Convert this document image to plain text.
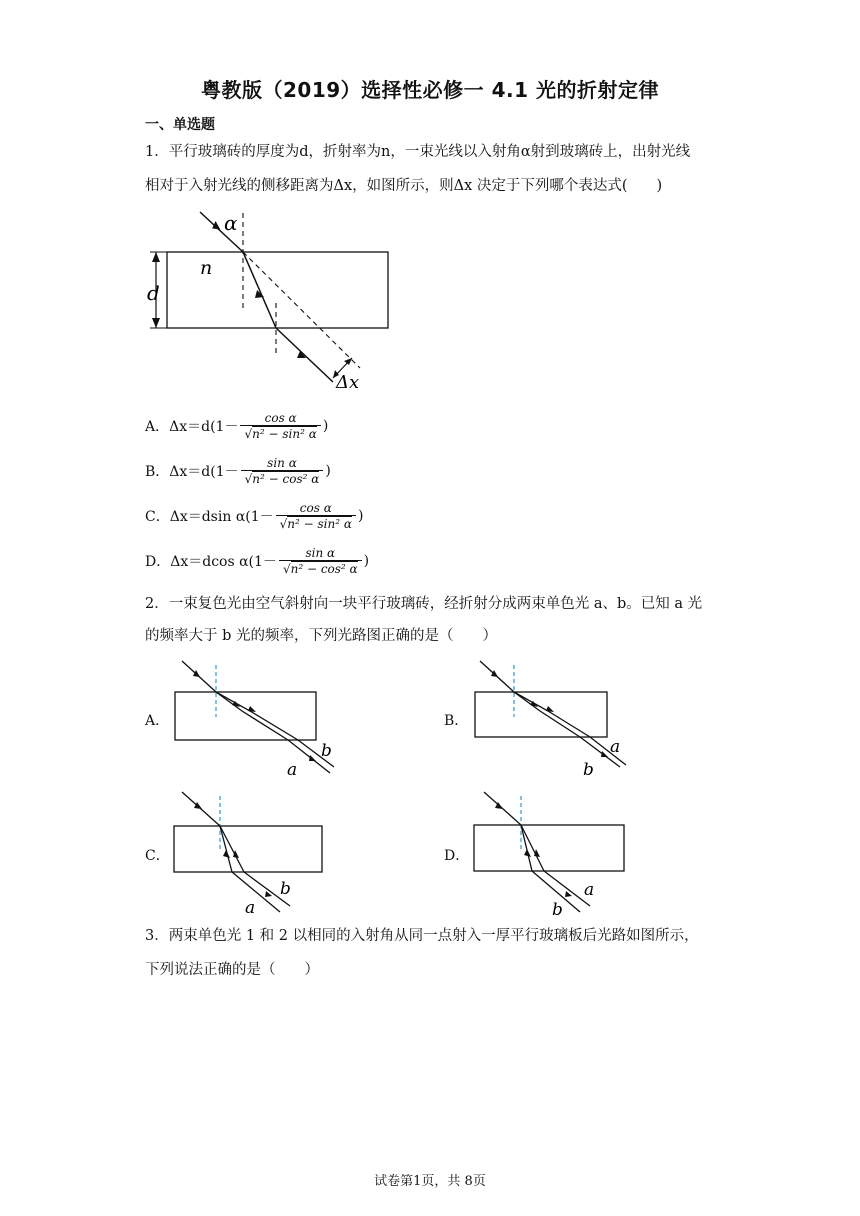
粤教版（2019）选择性必修一 4.1 光的折射定律
一、单选题
1．平行玻璃砖的厚度为d，折射率为n，一束光线以入射角α射到玻璃砖上，出射光线
相对于入射光线的侧移距离为Δx，如图所示，则Δx 决定于下列哪个表达式(　　)
α
n
d
Δx
A． $\Delta x=d(1- \frac{\text{cos α}}{\text{√n² − sin² α}}$ )
B． $\Delta x=d(1- \frac{\text{sin α}}{\text{√n² − cos² α}}$ )
C． Δx＝dsin $\alpha(1- \frac{\text{cos α}}{\text{√n² − sin² α}}$ )
D． Δx＝dcos $\alpha(1- \frac{\text{sin α}}{\text{√n² − cos² α}}$ )
2．一束复色光由空气斜射向一块平行玻璃砖，经折射分成两束单色光 a、b。已知 a 光
的频率大于 b 光的频率，下列光路图正确的是（　　）
A．
b
a
B．
a
b
C．
b
a
D．
a
b
3．两束单色光 1 和 2 以相同的入射角从同一点射入一厚平行玻璃板后光路如图所示，
下列说法正确的是（　　）
试卷第1页，共 8页
